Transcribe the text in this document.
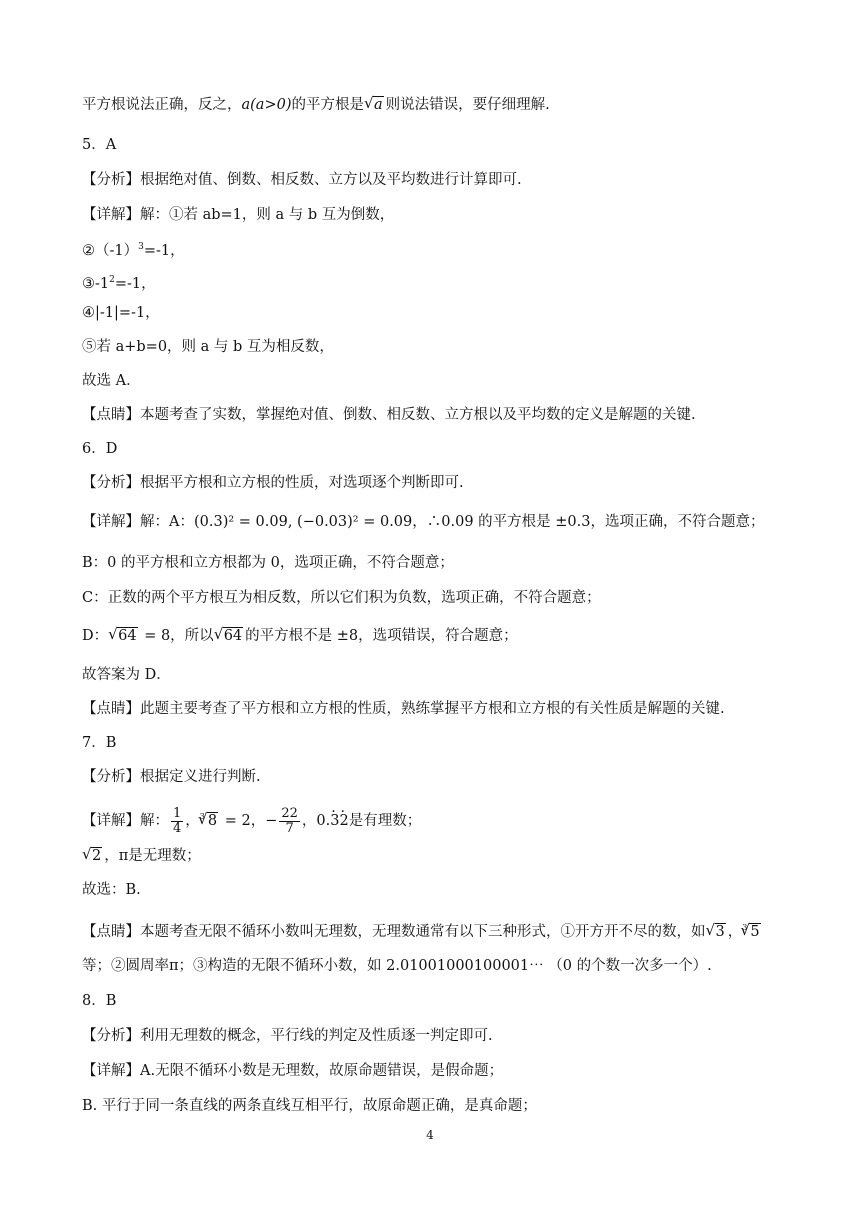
平方根说法正确，反之，a(a>0)的平方根是 √ a 则说法错误，要仔细理解.
5．A
【分析】根据绝对值、倒数、相反数、立方以及平均数进行计算即可.
【详解】解：①若 ab=1，则 a 与 b 互为倒数，
$②(-1)^3=-1$，
$③-1^2=-1$，
④|-1|=-1，
⑤若 a+b=0，则 a 与 b 互为相反数，
故选 A．
【点睛】本题考查了实数，掌握绝对值、倒数、相反数、立方根以及平均数的定义是解题的关键.
6．D
【分析】根据平方根和立方根的性质，对选项逐个判断即可.
【详解】解：A：(0.3)² = 0.09, (−0.03)² = 0.09，∴0.09 的平方根是 ±0.3，选项正确，不符合题意；
B：0 的平方根和立方根都为 0，选项正确，不符合题意；
C：正数的两个平方根互为相反数，所以它们积为负数，选项正确，不符合题意；
D： √ 64 = 8，所以 √ 64 的平方根不是 ±8，选项错误，符合题意；
故答案为 D．
【点睛】此题主要考查了平方根和立方根的性质，熟练掌握平方根和立方根的有关性质是解题的关键.
7．B
【分析】根据定义进行判断.
【详解】解： $\frac{1}{4}$ ，$^3$ √ 8 = 2，− $\frac{22}{7}$ ，0.3 ·2 ·是有理数；
√ 2 ，π是无理数；
故选：B.
【点睛】本题考查无限不循环小数叫无理数，无理数通常有以下三种形式，①开方开不尽的数，如 √ 3 ，$^3$ √ 5
等；②圆周率π；③构造的无限不循环小数，如 2.01001000100001⋯ （0 的个数一次多一个）.
8．B
【分析】利用无理数的概念，平行线的判定及性质逐一判定即可.
【详解】A.无限不循环小数是无理数，故原命题错误，是假命题；
B. 平行于同一条直线的两条直线互相平行，故原命题正确，是真命题；
4
